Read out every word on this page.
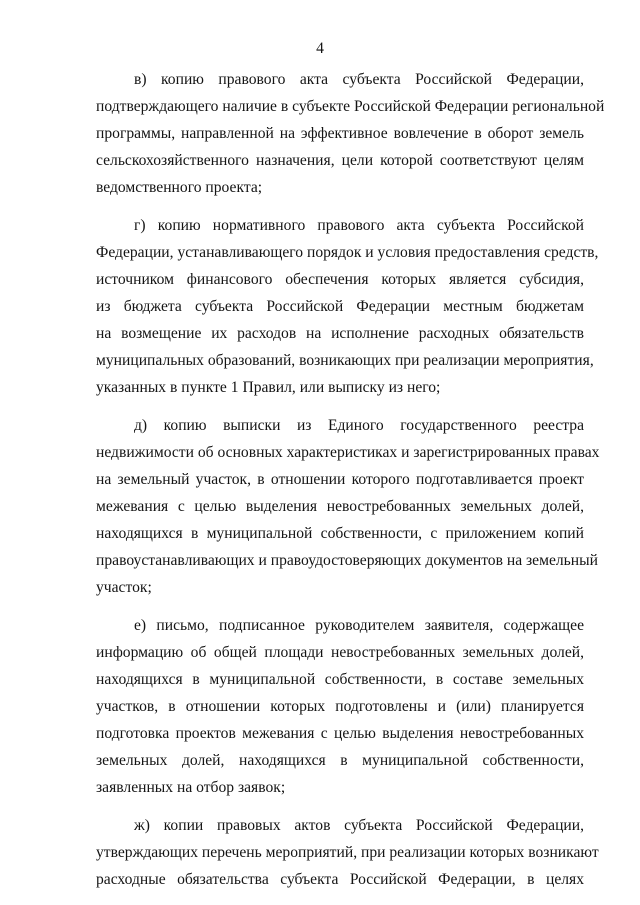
4
в) копию правового акта субъекта Российской Федерации,
подтверждающего наличие в субъекте Российской Федерации региональной
программы, направленной на эффективное вовлечение в оборот земель
сельскохозяйственного назначения, цели которой соответствуют целям
ведомственного проекта;
г) копию нормативного правового акта субъекта Российской
Федерации, устанавливающего порядок и условия предоставления средств,
источником финансового обеспечения которых является субсидия,
из бюджета субъекта Российской Федерации местным бюджетам
на возмещение их расходов на исполнение расходных обязательств
муниципальных образований, возникающих при реализации мероприятия,
указанных в пункте 1 Правил, или выписку из него;
д) копию выписки из Единого государственного реестра
недвижимости об основных характеристиках и зарегистрированных правах
на земельный участок, в отношении которого подготавливается проект
межевания с целью выделения невостребованных земельных долей,
находящихся в муниципальной собственности, с приложением копий
правоустанавливающих и правоудостоверяющих документов на земельный
участок;
е) письмо, подписанное руководителем заявителя, содержащее
информацию об общей площади невостребованных земельных долей,
находящихся в муниципальной собственности, в составе земельных
участков, в отношении которых подготовлены и (или) планируется
подготовка проектов межевания с целью выделения невостребованных
земельных долей, находящихся в муниципальной собственности,
заявленных на отбор заявок;
ж) копии правовых актов субъекта Российской Федерации,
утверждающих перечень мероприятий, при реализации которых возникают
расходные обязательства субъекта Российской Федерации, в целях
